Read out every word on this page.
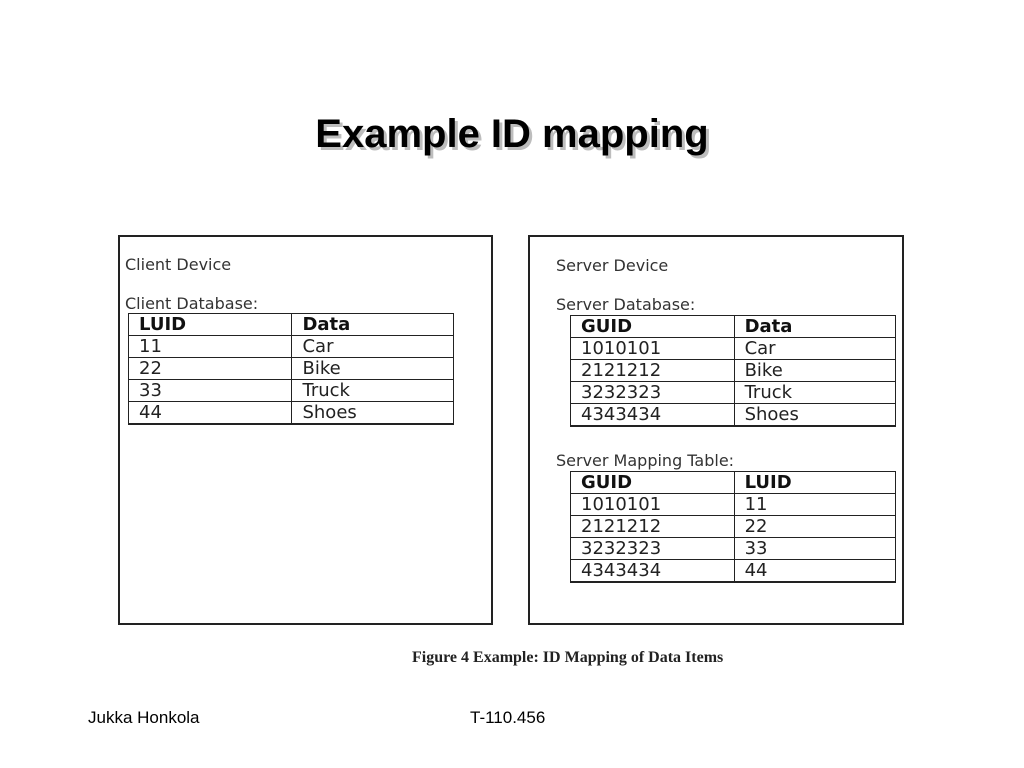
Example ID mapping
Client Device
Client Database:
LUID	Data
11	Car
22	Bike
33	Truck
44	Shoes
Server Device
Server Database:
GUID	Data
1010101	Car
2121212	Bike
3232323	Truck
4343434	Shoes
Server Mapping Table:
GUID	LUID
1010101	11
2121212	22
3232323	33
4343434	44
Figure 4 Example: ID Mapping of Data Items
Jukka Honkola	T-110.456
